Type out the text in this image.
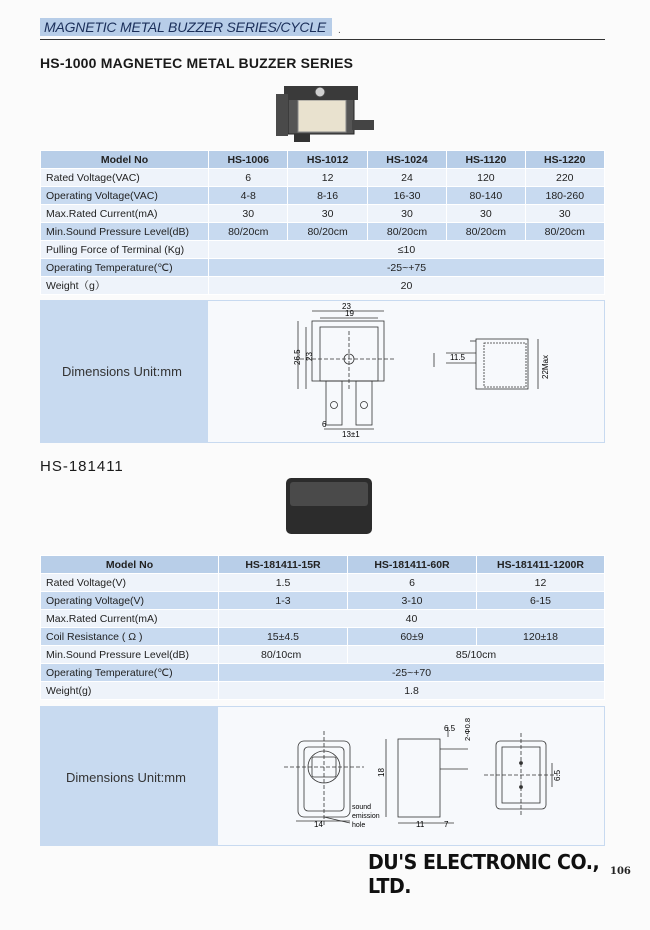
MAGNETIC METAL BUZZER SERIES/CYCLE .
HS-1000 MAGNETEC METAL BUZZER SERIES
Model No	HS-1006	HS-1012	HS-1024	HS-1120	HS-1220
Rated Voltage(VAC)	6	12	24	120	220
Operating Voltage(VAC)	4-8	8-16	16-30	80-140	180-260
Max.Rated Current(mA)	30	30	30	30	30
Min.Sound Pressure Level(dB)	80/20cm	80/20cm	80/20cm	80/20cm	80/20cm
Pulling Force of Terminal (Kg)	≤10				
Operating Temperature(℃)	-25~+75				
Weight（g）	20				
Dimensions Unit:mm
23
19
26.5 23
6
13±1
11.5	22Max
HS-181411
Model No	HS-181411-15R	HS-181411-60R	HS-181411-1200R
Rated Voltage(V)	1.5	6	12
Operating Voltage(V)	1-3	3-10	6-15
Max.Rated Current(mA)	40		
Coil Resistance ( Ω )	15±4.5	60±9	120±18
Min.Sound Pressure Level(dB)	80/10cm	85/10cm	
Operating Temperature(℃)	-25~+70		
Weight(g)	1.8		
Dimensions Unit:mm
14
18
11 7
6.5 2-Φ0.8
6.5
sound
emission
hole
DU'S ELECTRONIC CO., LTD.
106
